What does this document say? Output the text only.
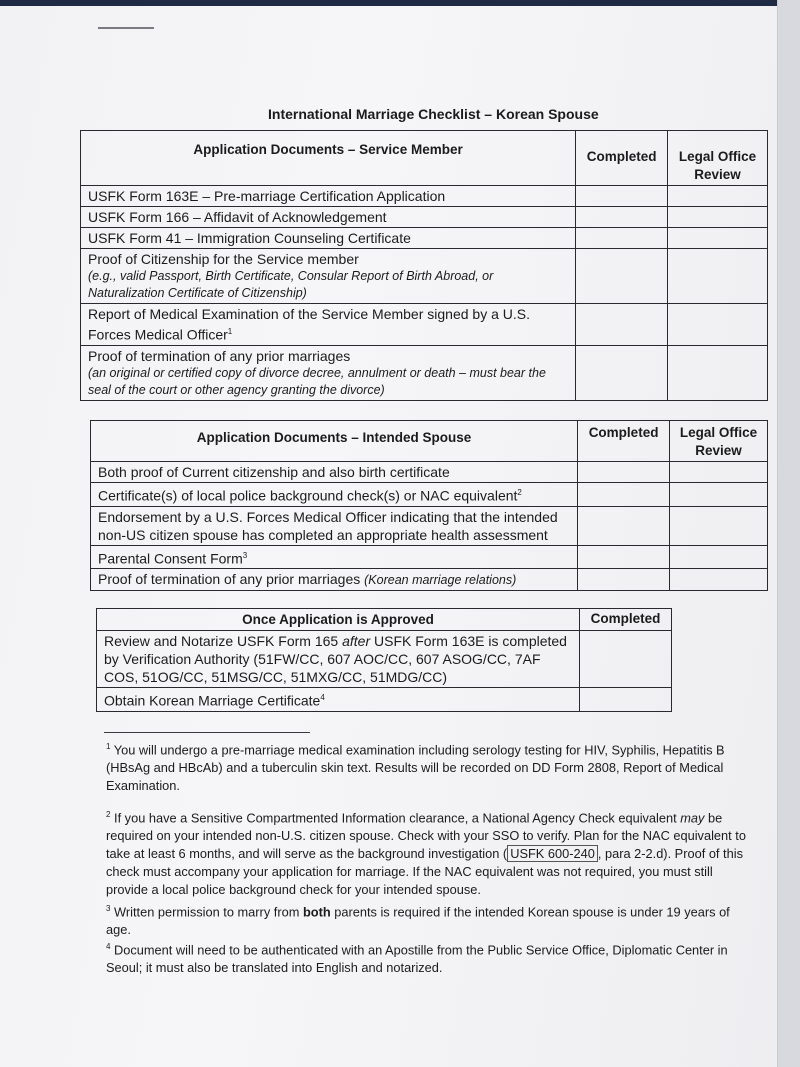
International Marriage Checklist – Korean Spouse
Application Documents – Service Member	Completed	Legal Office Review
USFK Form 163E – Pre-marriage Certification Application		
USFK Form 166 – Affidavit of Acknowledgement		
USFK Form 41 – Immigration Counseling Certificate		
Proof of Citizenship for the Service member
(e.g., valid Passport, Birth Certificate, Consular Report of Birth Abroad, or Naturalization Certificate of Citizenship)		

Report of Medical Examination of the Service Member signed by a U.S. Forces Medical Officer$^1$		
Proof of termination of any prior marriages
(an original or certified copy of divorce decree, annulment or death – must bear the seal of the court or other agency granting the divorce)		

Application Documents – Intended Spouse	Completed	Legal Office Review
Both proof of Current citizenship and also birth certificate		
Certificate(s) of local police background check(s) or NAC equivalent$^2$		
Endorsement by a U.S. Forces Medical Officer indicating that the intended non-US citizen spouse has completed an appropriate health assessment		
Parental Consent Form$^3$		
Proof of termination of any prior marriages (Korean marriage relations)		
Once Application is Approved	Completed
Review and Notarize USFK Form 165 after USFK Form 163E is completed by Verification Authority (51FW/CC, 607 AOC/CC, 607 ASOG/CC, 7AF COS, 51OG/CC, 51MSG/CC, 51MXG/CC, 51MDG/CC)	
Obtain Korean Marriage Certificate$^4$	
$^1$ You will undergo a pre-marriage medical examination including serology testing for HIV, Syphilis, Hepatitis B (HBsAg and HBcAb) and a tuberculin skin text. Results will be recorded on DD Form 2808, Report of Medical Examination.
$^2$ If you have a Sensitive Compartmented Information clearance, a National Agency Check equivalent may be required on your intended non-U.S. citizen spouse. Check with your SSO to verify. Plan for the NAC equivalent to take at least 6 months, and will serve as the background investigation ( USFK 600-240 , para 2-2.d). Proof of this check must accompany your application for marriage. If the NAC equivalent was not required, you must still provide a local police background check for your intended spouse.
$^3$ Written permission to marry from both parents is required if the intended Korean spouse is under 19 years of age.
$^4$ Document will need to be authenticated with an Apostille from the Public Service Office, Diplomatic Center in Seoul; it must also be translated into English and notarized.
